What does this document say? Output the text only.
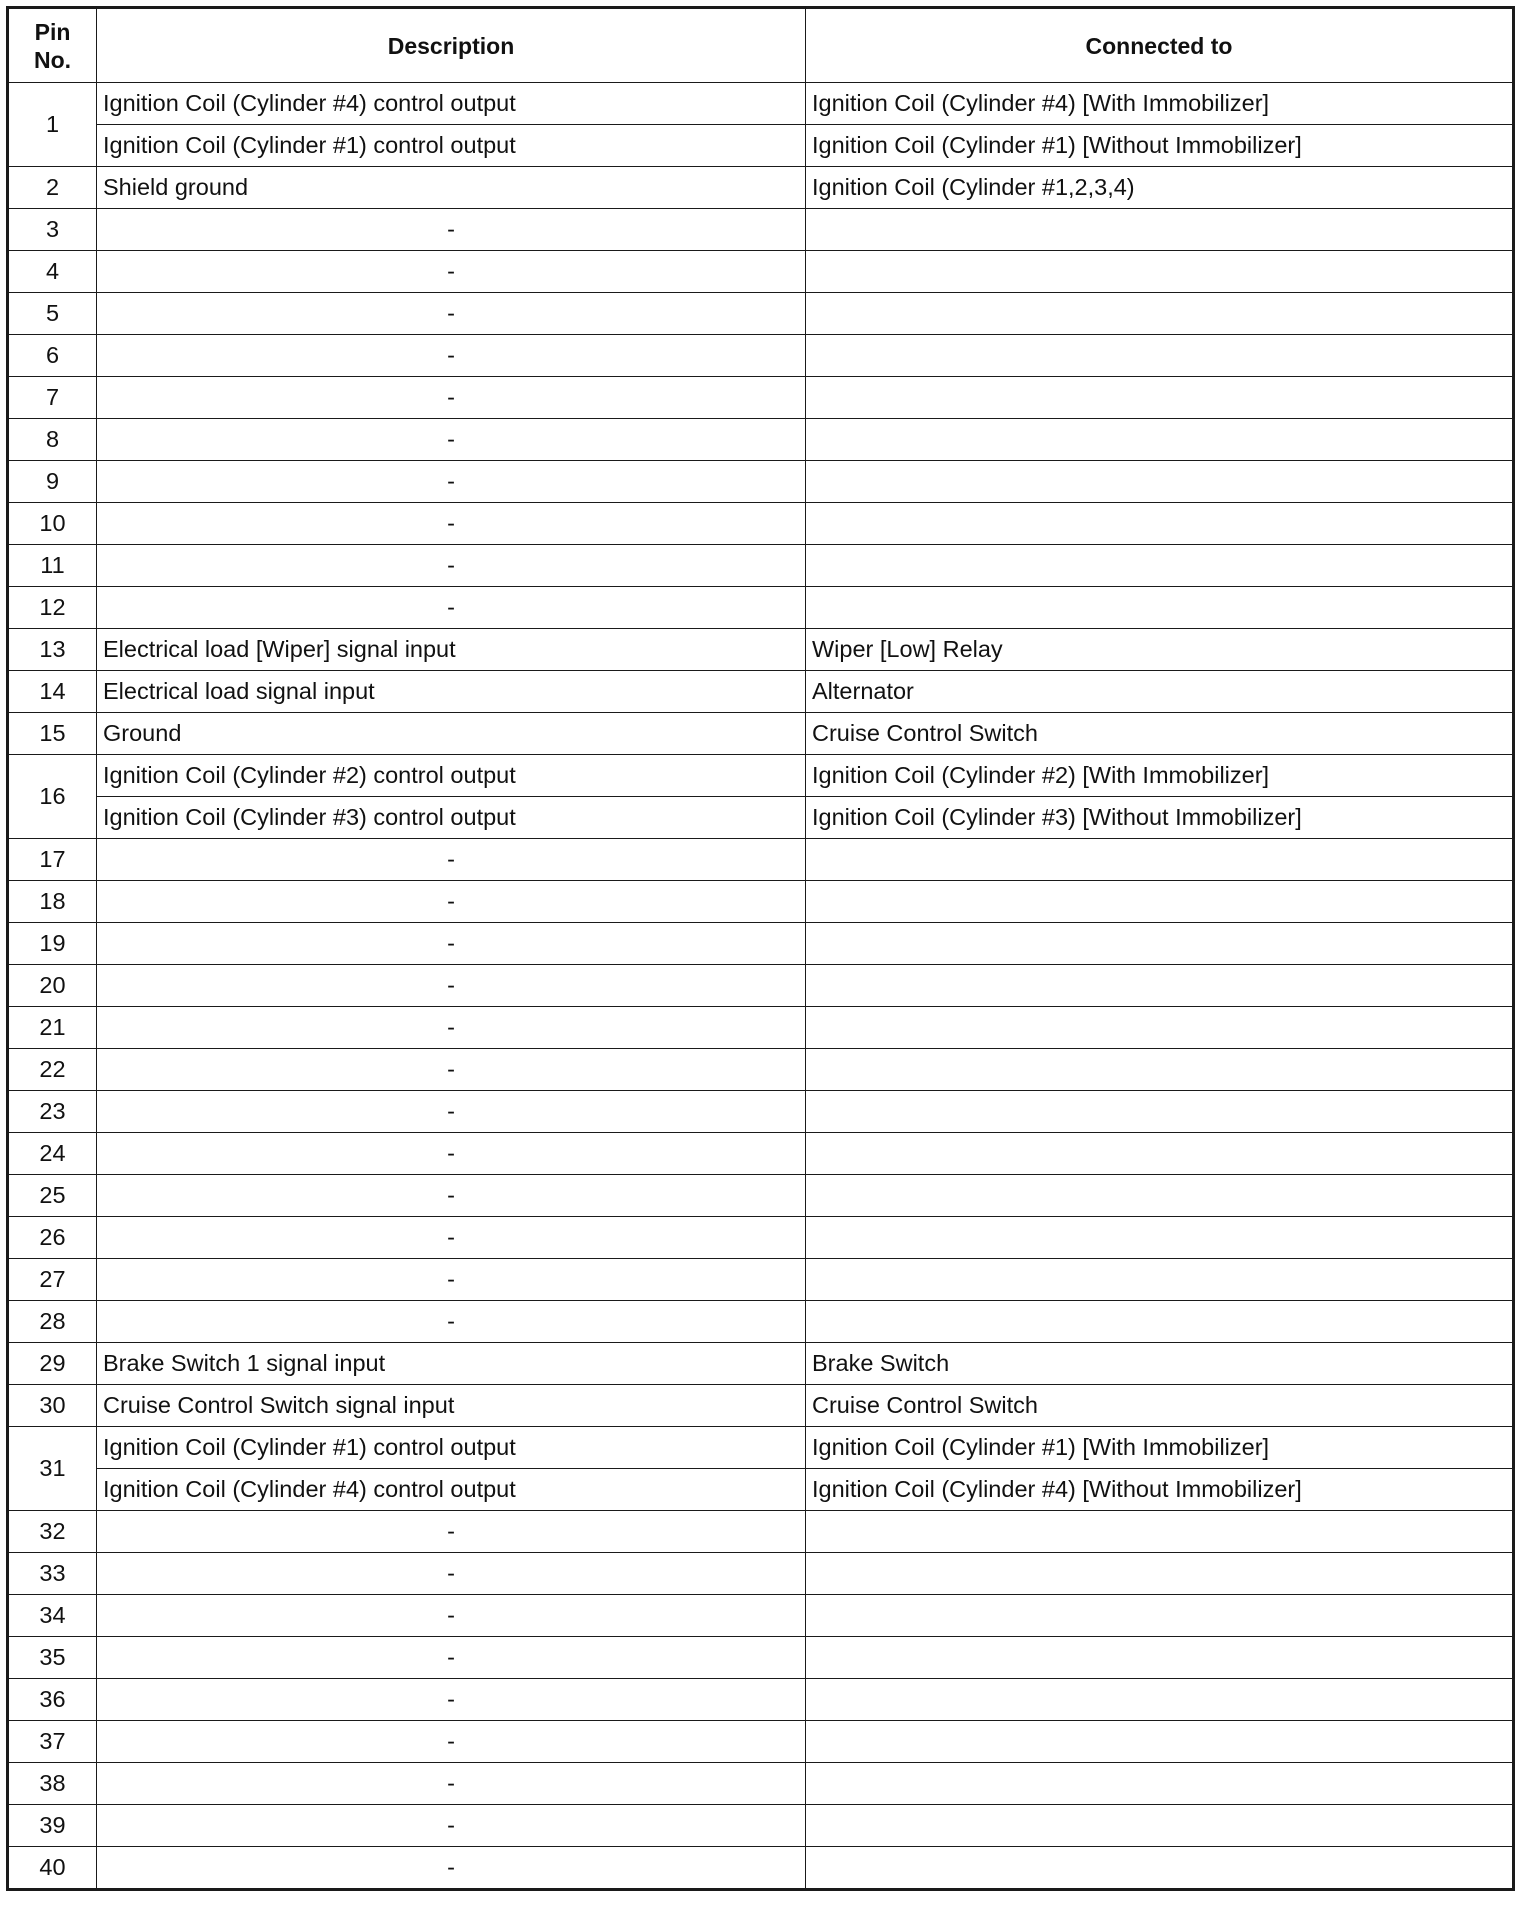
Pin
No.	Description	Connected to
1	Ignition Coil (Cylinder #4) control output	Ignition Coil (Cylinder #4) [With Immobilizer]
	Ignition Coil (Cylinder #1) control output	Ignition Coil (Cylinder #1) [Without Immobilizer]
2	Shield ground	Ignition Coil (Cylinder #1,2,3,4)
3	-	
4	-	
5	-	
6	-	
7	-	
8	-	
9	-	
10	-	
11	-	
12	-	
13	Electrical load [Wiper] signal input	Wiper [Low] Relay
14	Electrical load signal input	Alternator
15	Ground	Cruise Control Switch
16	Ignition Coil (Cylinder #2) control output	Ignition Coil (Cylinder #2) [With Immobilizer]
	Ignition Coil (Cylinder #3) control output	Ignition Coil (Cylinder #3) [Without Immobilizer]
17	-	
18	-	
19	-	
20	-	
21	-	
22	-	
23	-	
24	-	
25	-	
26	-	
27	-	
28	-	
29	Brake Switch 1 signal input	Brake Switch
30	Cruise Control Switch signal input	Cruise Control Switch
31	Ignition Coil (Cylinder #1) control output	Ignition Coil (Cylinder #1) [With Immobilizer]
	Ignition Coil (Cylinder #4) control output	Ignition Coil (Cylinder #4) [Without Immobilizer]
32	-	
33	-	
34	-	
35	-	
36	-	
37	-	
38	-	
39	-	
40	-	
